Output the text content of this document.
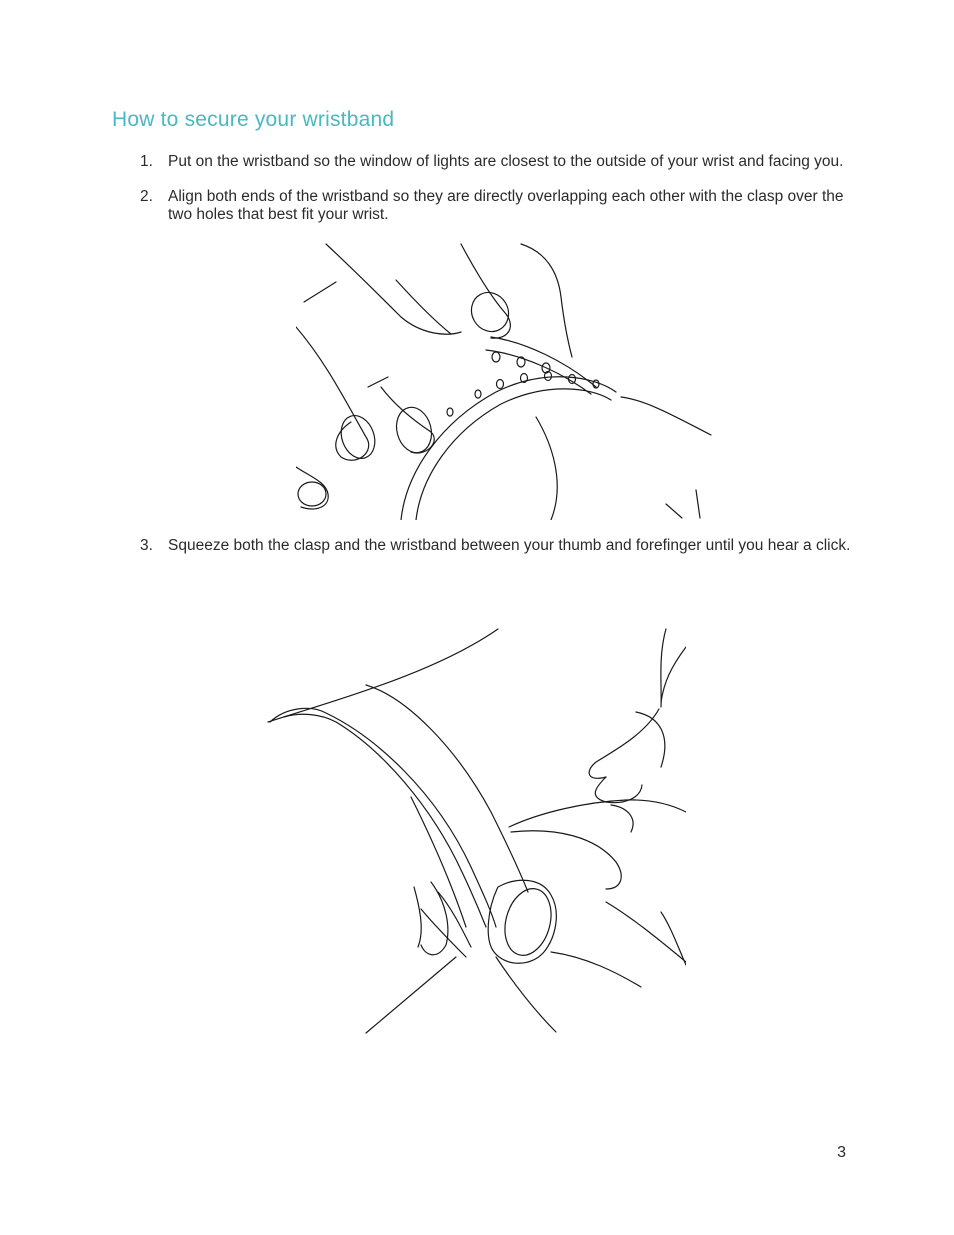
How to secure your wristband
1. Put on the wristband so the window of lights are closest to the outside of your wrist and facing you.
2. Align both ends of the wristband so they are directly overlapping each other with the clasp over the two holes that best fit your wrist.
3. Squeeze both the clasp and the wristband between your thumb and forefinger until you hear a click.
3
